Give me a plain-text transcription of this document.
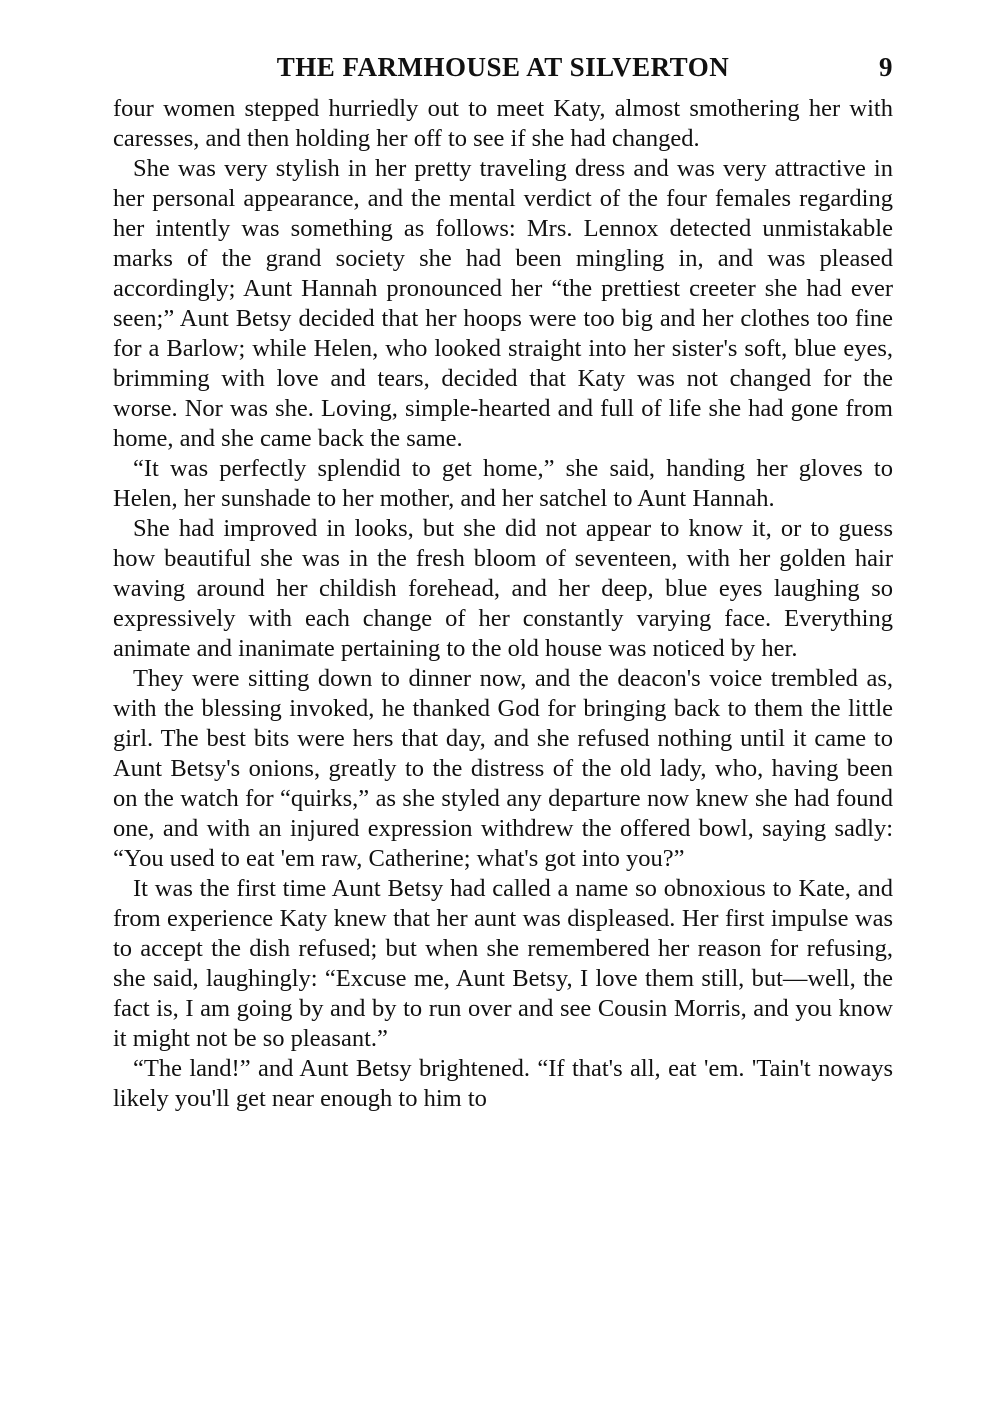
THE FARMHOUSE AT SILVERTON	9

four women stepped hurriedly out to meet Katy, almost smothering her with caresses, and then holding her off to see if she had changed.

She was very stylish in her pretty traveling dress and was very attractive in her personal appearance, and the mental verdict of the four females regarding her intently was something as follows: Mrs. Lennox detected unmistakable marks of the grand society she had been mingling in, and was pleased accordingly; Aunt Hannah pronounced her “the prettiest creeter she had ever seen;” Aunt Betsy decided that her hoops were too big and her clothes too fine for a Barlow; while Helen, who looked straight into her sister's soft, blue eyes, brimming with love and tears, decided that Katy was not changed for the worse. Nor was she. Loving, simple-hearted and full of life she had gone from home, and she came back the same.

“It was perfectly splendid to get home,” she said, handing her gloves to Helen, her sunshade to her mother, and her satchel to Aunt Hannah.

She had improved in looks, but she did not appear to know it, or to guess how beautiful she was in the fresh bloom of seventeen, with her golden hair waving around her childish forehead, and her deep, blue eyes laughing so expressively with each change of her constantly varying face. Everything animate and inanimate pertaining to the old house was noticed by her.

They were sitting down to dinner now, and the deacon's voice trembled as, with the blessing invoked, he thanked God for bringing back to them the little girl. The best bits were hers that day, and she refused nothing until it came to Aunt Betsy's onions, greatly to the distress of the old lady, who, having been on the watch for “quirks,” as she styled any departure now knew she had found one, and with an injured expression withdrew the offered bowl, saying sadly: “You used to eat 'em raw, Catherine; what's got into you?”

It was the first time Aunt Betsy had called a name so obnoxious to Kate, and from experience Katy knew that her aunt was displeased. Her first impulse was to accept the dish refused; but when she remembered her reason for refusing, she said, laughingly: “Excuse me, Aunt Betsy, I love them still, but—well, the fact is, I am going by and by to run over and see Cousin Morris, and you know it might not be so pleasant.”

“The land!” and Aunt Betsy brightened. “If that's all, eat 'em. 'Tain't noways likely you'll get near enough to him to
